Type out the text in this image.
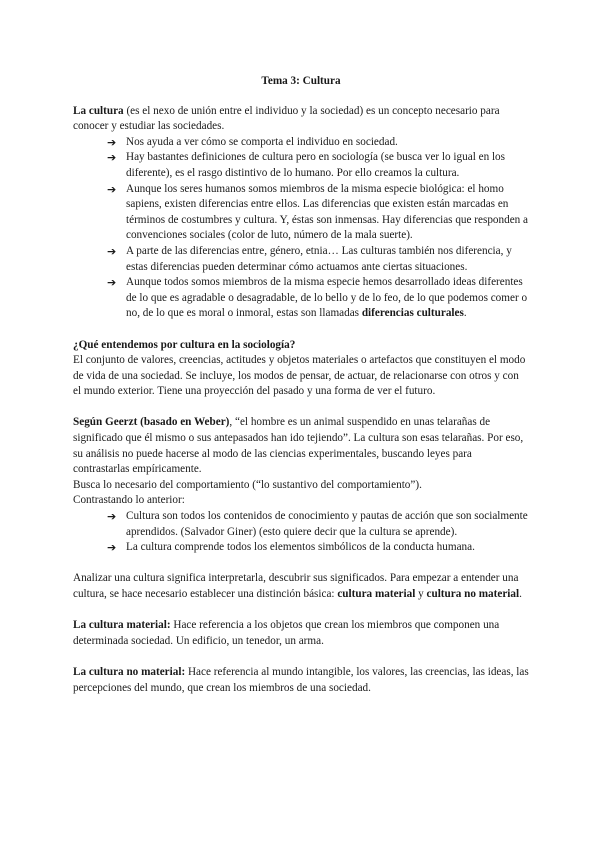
Tema 3: Cultura

La cultura (es el nexo de unión entre el individuo y la sociedad) es un concepto necesario para conocer y estudiar las sociedades.

➔ Nos ayuda a ver cómo se comporta el individuo en sociedad.
➔ Hay bastantes definiciones de cultura pero en sociología (se busca ver lo igual en los diferente), es el rasgo distintivo de lo humano. Por ello creamos la cultura.
➔ Aunque los seres humanos somos miembros de la misma especie biológica: el homo sapiens, existen diferencias entre ellos. Las diferencias que existen están marcadas en términos de costumbres y cultura. Y, éstas son inmensas. Hay diferencias que responden a convenciones sociales (color de luto, número de la mala suerte).
➔ A parte de las diferencias entre, género, etnia… Las culturas también nos diferencia, y estas diferencias pueden determinar cómo actuamos ante ciertas situaciones.
➔ Aunque todos somos miembros de la misma especie hemos desarrollado ideas diferentes de lo que es agradable o desagradable, de lo bello y de lo feo, de lo que podemos comer o no, de lo que es moral o inmoral, estas son llamadas diferencias culturales.

¿Qué entendemos por cultura en la sociología?

El conjunto de valores, creencias, actitudes y objetos materiales o artefactos que constituyen el modo de vida de una sociedad. Se incluye, los modos de pensar, de actuar, de relacionarse con otros y con el mundo exterior. Tiene una proyección del pasado y una forma de ver el futuro.

Según Geerzt (basado en Weber), “el hombre es un animal suspendido en unas telarañas de significado que él mismo o sus antepasados han ido tejiendo”. La cultura son esas telarañas. Por eso, su análisis no puede hacerse al modo de las ciencias experimentales, buscando leyes para contrastarlas empíricamente.

Busca lo necesario del comportamiento (“lo sustantivo del comportamiento”).

Contrastando lo anterior:

➔ Cultura son todos los contenidos de conocimiento y pautas de acción que son socialmente aprendidos. (Salvador Giner) (esto quiere decir que la cultura se aprende).
➔ La cultura comprende todos los elementos simbólicos de la conducta humana.

Analizar una cultura significa interpretarla, descubrir sus significados. Para empezar a entender una cultura, se hace necesario establecer una distinción básica: cultura material y cultura no material.

La cultura material: Hace referencia a los objetos que crean los miembros que componen una determinada sociedad. Un edificio, un tenedor, un arma.

La cultura no material: Hace referencia al mundo intangible, los valores, las creencias, las ideas, las percepciones del mundo, que crean los miembros de una sociedad.
